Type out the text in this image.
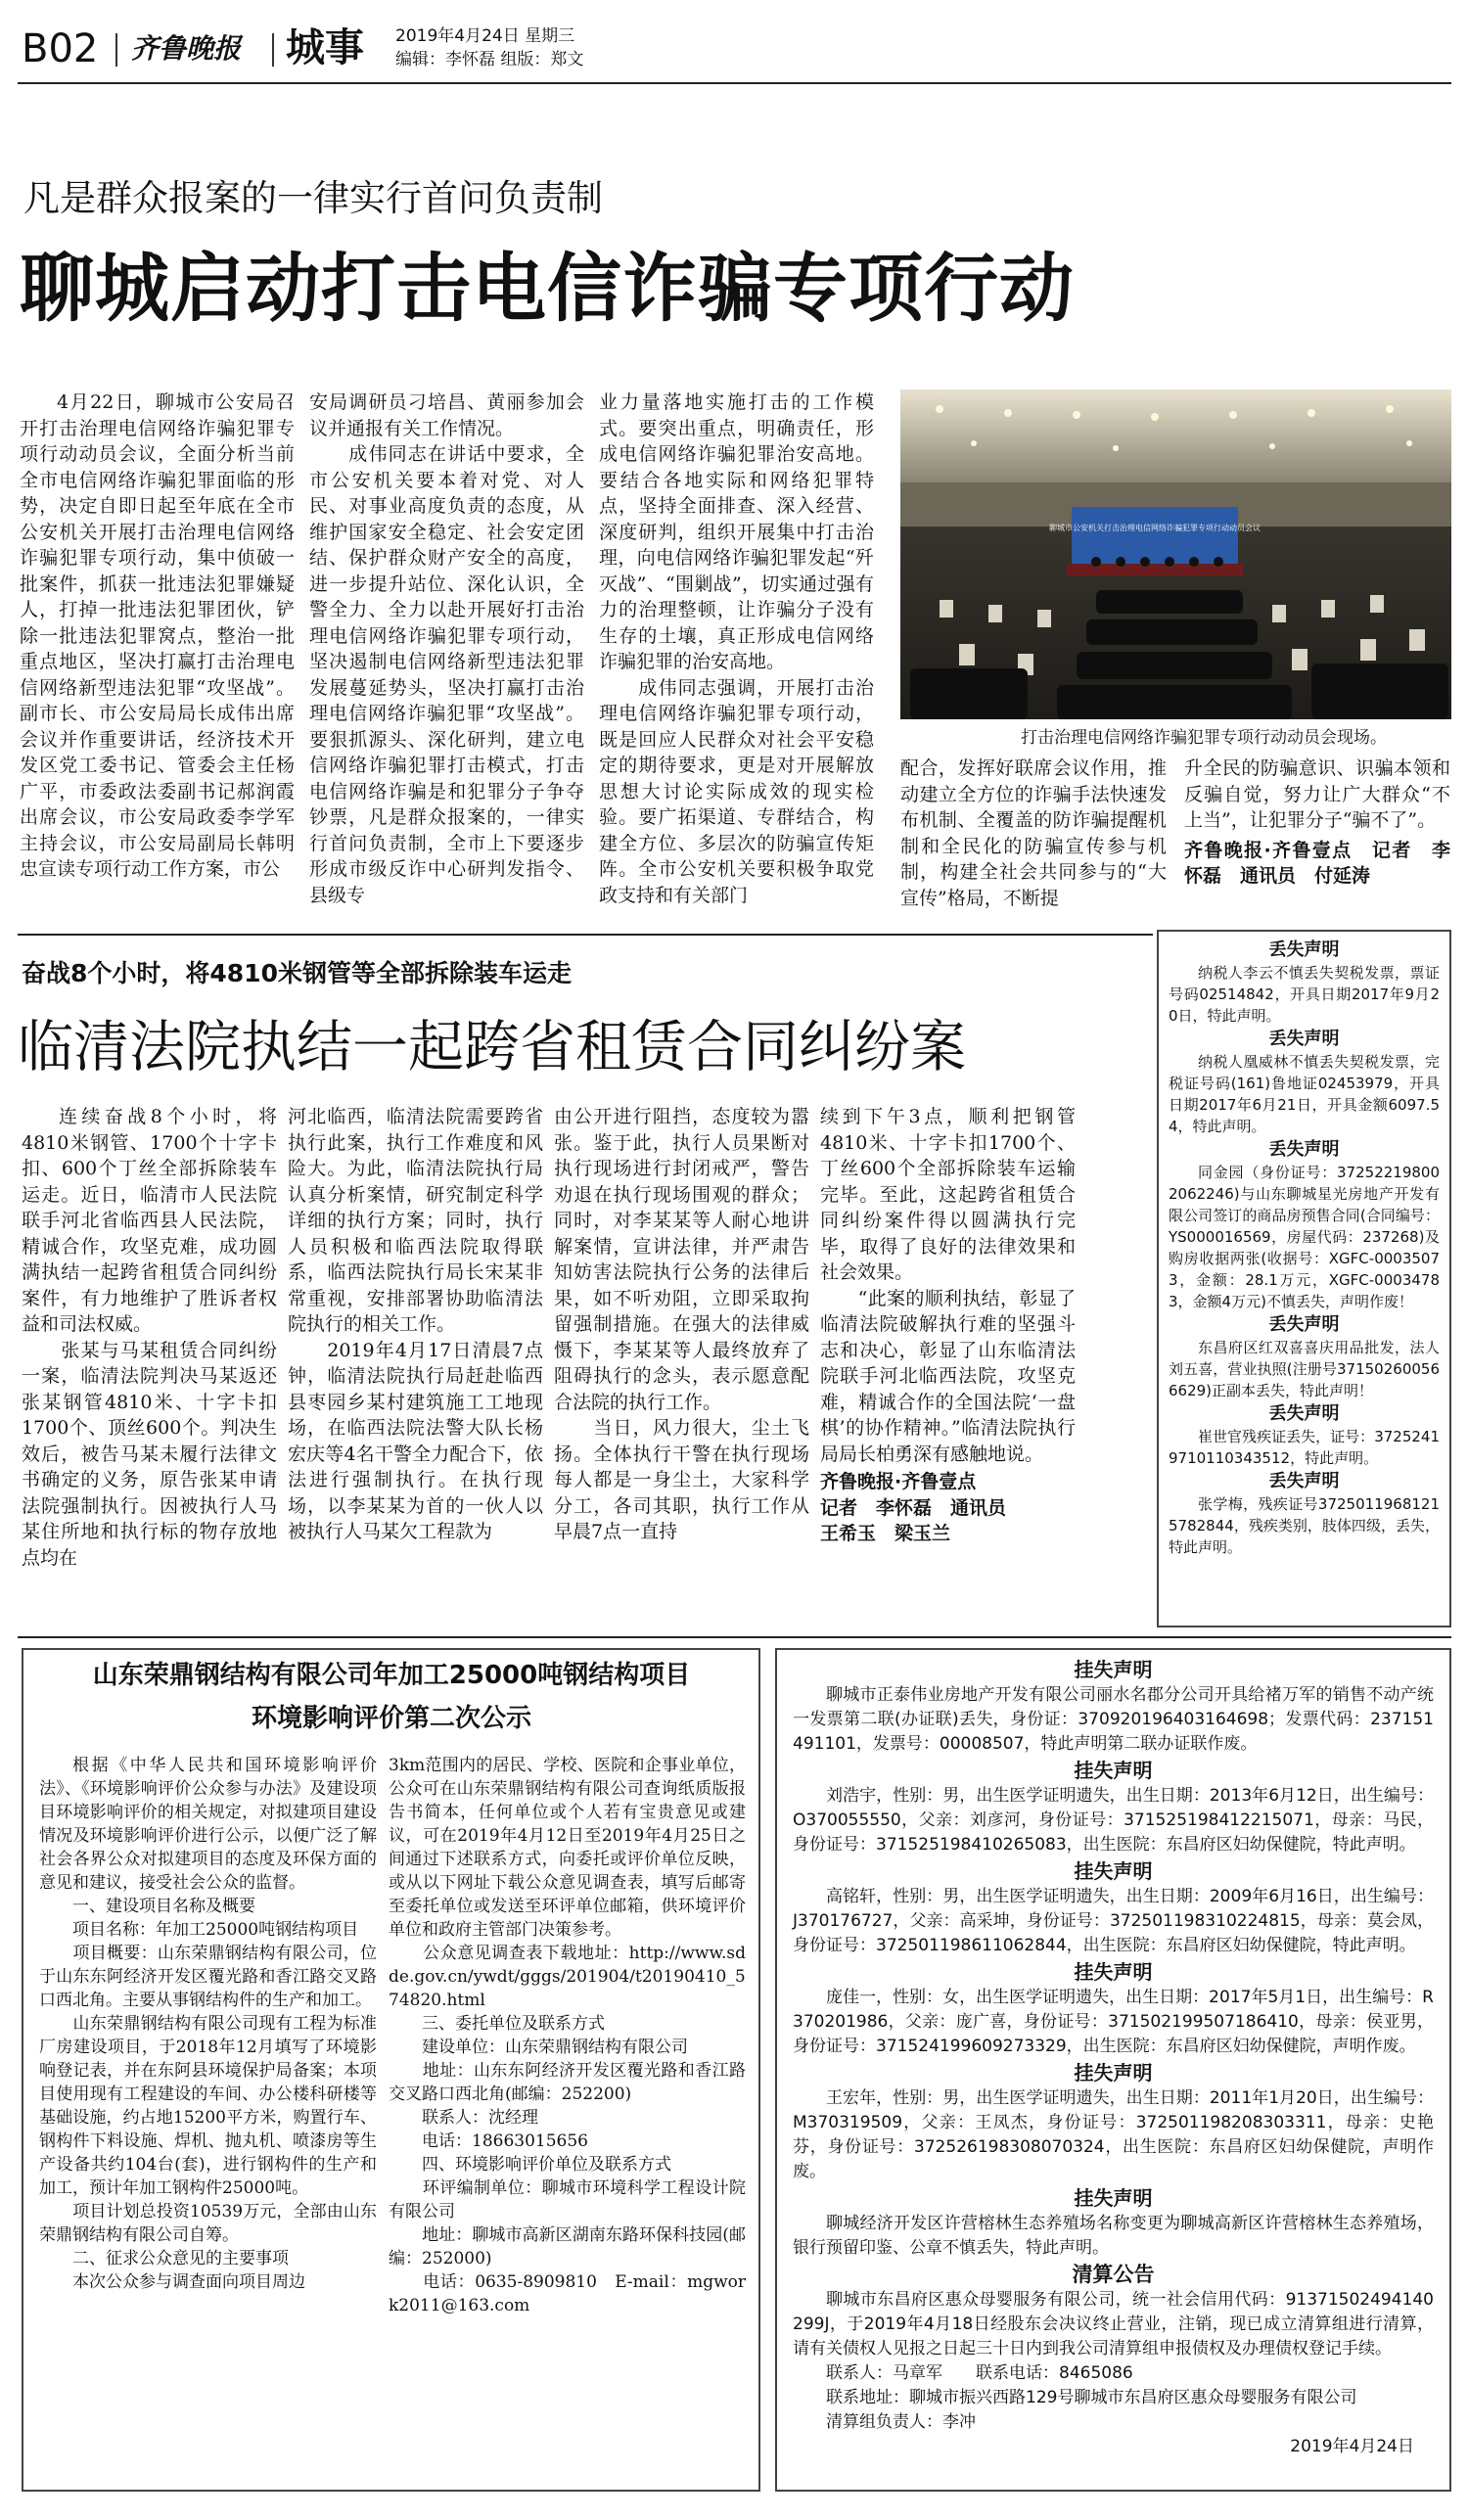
B02 齐鲁晚报 城事 2019年4月24日 星期三
编辑：李怀磊 组版：郑文
凡是群众报案的一律实行首问负责制
聊城启动打击电信诈骗专项行动

4月22日，聊城市公安局召开打击治理电信网络诈骗犯罪专项行动动员会议，全面分析当前全市电信网络诈骗犯罪面临的形势，决定自即日起至年底在全市公安机关开展打击治理电信网络诈骗犯罪专项行动，集中侦破一批案件，抓获一批违法犯罪嫌疑人，打掉一批违法犯罪团伙，铲除一批违法犯罪窝点，整治一批重点地区，坚决打赢打击治理电信网络新型违法犯罪“攻坚战”。副市长、市公安局局长成伟出席会议并作重要讲话，经济技术开发区党工委书记、管委会主任杨广平，市委政法委副书记郝润霞出席会议，市公安局政委李学军主持会议，市公安局副局长韩明忠宣读专项行动工作方案，市公

安局调研员刁培昌、黄丽参加会议并通报有关工作情况。
　　成伟同志在讲话中要求，全市公安机关要本着对党、对人民、对事业高度负责的态度，从维护国家安全稳定、社会安定团结、保护群众财产安全的高度，进一步提升站位、深化认识，全警全力、全力以赴开展好打击治理电信网络诈骗犯罪专项行动，坚决遏制电信网络新型违法犯罪发展蔓延势头，坚决打赢打击治理电信网络诈骗犯罪“攻坚战”。要狠抓源头、深化研判，建立电信网络诈骗犯罪打击模式，打击电信网络诈骗是和犯罪分子争夺钞票，凡是群众报案的，一律实行首问负责制，全市上下要逐步形成市级反诈中心研判发指令、县级专

业力量落地实施打击的工作模式。要突出重点，明确责任，形成电信网络诈骗犯罪治安高地。要结合各地实际和网络犯罪特点，坚持全面排查、深入经营、深度研判，组织开展集中打击治理，向电信网络诈骗犯罪发起“歼灭战”、“围剿战”，切实通过强有力的治理整顿，让诈骗分子没有生存的土壤，真正形成电信网络诈骗犯罪的治安高地。
　　成伟同志强调，开展打击治理电信网络诈骗犯罪专项行动，既是回应人民群众对社会平安稳定的期待要求，更是对开展解放思想大讨论实际成效的现实检验。要广拓渠道、专群结合，构建全方位、多层次的防骗宣传矩阵。全市公安机关要积极争取党政支持和有关部门

聊城市公安机关打击治理电信网络诈骗犯罪专项行动动员会议
打击治理电信网络诈骗犯罪专项行动动员会现场。

配合，发挥好联席会议作用，推动建立全方位的诈骗手法快速发布机制、全覆盖的防诈骗提醒机制和全民化的防骗宣传参与机制，构建全社会共同参与的“大宣传”格局，不断提

升全民的防骗意识、识骗本领和反骗自觉，努力让广大群众“不上当”，让犯罪分子“骗不了”。

齐鲁晚报·齐鲁壹点　记者　李怀磊　通讯员　付延涛

奋战8个小时，将4810米钢管等全部拆除装车运走
临清法院执结一起跨省租赁合同纠纷案

连续奋战8个小时，将4810米钢管、1700个十字卡扣、600个丁丝全部拆除装车运走。近日，临清市人民法院联手河北省临西县人民法院，精诚合作，攻坚克难，成功圆满执结一起跨省租赁合同纠纷案件，有力地维护了胜诉者权益和司法权威。
　　张某与马某租赁合同纠纷一案，临清法院判决马某返还张某钢管4810米、十字卡扣1700个、顶丝600个。判决生效后，被告马某未履行法律文书确定的义务，原告张某申请法院强制执行。因被执行人马某住所地和执行标的物存放地点均在

河北临西，临清法院需要跨省执行此案，执行工作难度和风险大。为此，临清法院执行局认真分析案情，研究制定科学详细的执行方案；同时，执行人员积极和临西法院取得联系，临西法院执行局长宋某非常重视，安排部署协助临清法院执行的相关工作。
　　2019年4月17日清晨7点钟，临清法院执行局赶赴临西县枣园乡某村建筑施工工地现场，在临西法院法警大队长杨宏庆等4名干警全力配合下，依法进行强制执行。在执行现场，以李某某为首的一伙人以被执行人马某欠工程款为

由公开进行阻挡，态度较为嚣张。鉴于此，执行人员果断对执行现场进行封闭戒严，警告劝退在执行现场围观的群众；同时，对李某某等人耐心地讲解案情，宣讲法律，并严肃告知妨害法院执行公务的法律后果，如不听劝阻，立即采取拘留强制措施。在强大的法律威慑下，李某某等人最终放弃了阻碍执行的念头，表示愿意配合法院的执行工作。
　　当日，风力很大，尘土飞扬。全体执行干警在执行现场每人都是一身尘土，大家科学分工，各司其职，执行工作从早晨7点一直持

续到下午3点，顺利把钢管4810米、十字卡扣1700个、丁丝600个全部拆除装车运输完毕。至此，这起跨省租赁合同纠纷案件得以圆满执行完毕，取得了良好的法律效果和社会效果。
　　“此案的顺利执结，彰显了临清法院破解执行难的坚强斗志和决心，彰显了山东临清法院联手河北临西法院，攻坚克难，精诚合作的全国法院‘一盘棋’的协作精神。”临清法院执行局局长柏勇深有感触地说。

齐鲁晚报·齐鲁壹点
记者　李怀磊　通讯员
王希玉　梁玉兰

丢失声明

纳税人李云不慎丢失契税发票，票证号码02514842，开具日期2017年9月20日，特此声明。

丢失声明

纳税人凰威林不慎丢失契税发票，完税证号码(161)鲁地证02453979，开具日期2017年6月21日，开具金额6097.54，特此声明。

丢失声明

同金园（身份证号：372522198002062246)与山东聊城星光房地产开发有限公司签订的商品房预售合同(合同编号：YS000016569，房屋代码：237268)及购房收据两张(收据号：XGFC-00035073，金额：28.1万元，XGFC-00034783，金额4万元)不慎丢失，声明作废！

丢失声明

东昌府区红双喜喜庆用品批发，法人刘五喜，营业执照(注册号371502600566629)正副本丢失，特此声明！

丢失声明

崔世官残疾证丢失，证号：37252419710110343512，特此声明。

丢失声明

张学梅，残疾证号37250119681215782844，残疾类别，肢体四级，丢失，特此声明。

山东荣鼎钢结构有限公司年加工25000吨钢结构项目
环境影响评价第二次公示

根据《中华人民共和国环境影响评价法》、《环境影响评价公众参与办法》及建设项目环境影响评价的相关规定，对拟建项目建设情况及环境影响评价进行公示，以便广泛了解社会各界公众对拟建项目的态度及环保方面的意见和建议，接受社会公众的监督。
　　一、建设项目名称及概要
　　项目名称：年加工25000吨钢结构项目
　　项目概要：山东荣鼎钢结构有限公司，位于山东东阿经济开发区覆光路和香江路交叉路口西北角。主要从事钢结构件的生产和加工。
　　山东荣鼎钢结构有限公司现有工程为标准厂房建设项目，于2018年12月填写了环境影响登记表，并在东阿县环境保护局备案；本项目使用现有工程建设的车间、办公楼科研楼等基础设施，约占地15200平方米，购置行车、钢构件下料设施、焊机、抛丸机、喷漆房等生产设备共约104台(套)，进行钢构件的生产和加工，预计年加工钢构件25000吨。
　　项目计划总投资10539万元，全部由山东荣鼎钢结构有限公司自筹。
　　二、征求公众意见的主要事项
　　本次公众参与调查面向项目周边

3km范围内的居民、学校、医院和企事业单位，公众可在山东荣鼎钢结构有限公司查询纸质版报告书简本，任何单位或个人若有宝贵意见或建议，可在2019年4月12日至2019年4月25日之间通过下述联系方式，向委托或评价单位反映，或从以下网址下载公众意见调查表，填写后邮寄至委托单位或发送至环评单位邮箱，供环境评价单位和政府主管部门决策参考。
　　公众意见调查表下载地址：http://www.sdde.gov.cn/ywdt/gggs/201904/t20190410_574820.html
　　三、委托单位及联系方式
　　建设单位：山东荣鼎钢结构有限公司
　　地址：山东东阿经济开发区覆光路和香江路交叉路口西北角(邮编：252200)
　　联系人：沈经理
　　电话：18663015656
　　四、环境影响评价单位及联系方式
　　环评编制单位：聊城市环境科学工程设计院有限公司
　　地址：聊城市高新区湖南东路环保科技园(邮编：252000)
　　电话：0635-8909810　E-mail：mgwork2011@163.com

挂失声明

聊城市正泰伟业房地产开发有限公司丽水名郡分公司开具给褚万军的销售不动产统一发票第二联(办证联)丢失，身份证：370920196403164698；发票代码：237151491101，发票号：00008507，特此声明第二联办证联作废。

挂失声明

刘浩宇，性别：男，出生医学证明遗失，出生日期：2013年6月12日，出生编号：O370055550，父亲：刘彦河，身份证号：371525198412215071，母亲：马民，身份证号：371525198410265083，出生医院：东昌府区妇幼保健院，特此声明。

挂失声明

高铭轩，性别：男，出生医学证明遗失，出生日期：2009年6月16日，出生编号：J370176727，父亲：高采坤，身份证号：372501198310224815，母亲：莫会凤，身份证号：372501198611062844，出生医院：东昌府区妇幼保健院，特此声明。

挂失声明

庞佳一，性别：女，出生医学证明遗失，出生日期：2017年5月1日，出生编号：R370201986，父亲：庞广喜，身份证号：371502199507186410，母亲：侯亚男，身份证号：371524199609273329，出生医院：东昌府区妇幼保健院，声明作废。

挂失声明

王宏年，性别：男，出生医学证明遗失，出生日期：2011年1月20日，出生编号：M370319509，父亲：王凤杰，身份证号：372501198208303311，母亲：史艳芬，身份证号：372526198308070324，出生医院：东昌府区妇幼保健院，声明作废。

挂失声明

聊城经济开发区许营榕林生态养殖场名称变更为聊城高新区许营榕林生态养殖场，银行预留印鉴、公章不慎丢失，特此声明。

清算公告

聊城市东昌府区惠众母婴服务有限公司，统一社会信用代码：91371502494140299J，于2019年4月18日经股东会决议终止营业，注销，现已成立清算组进行清算，请有关债权人见报之日起三十日内到我公司清算组申报债权及办理债权登记手续。

联系人：马章军　　联系电话：8465086

联系地址：聊城市振兴西路129号聊城市东昌府区惠众母婴服务有限公司

清算组负责人：李冲

2019年4月24日
